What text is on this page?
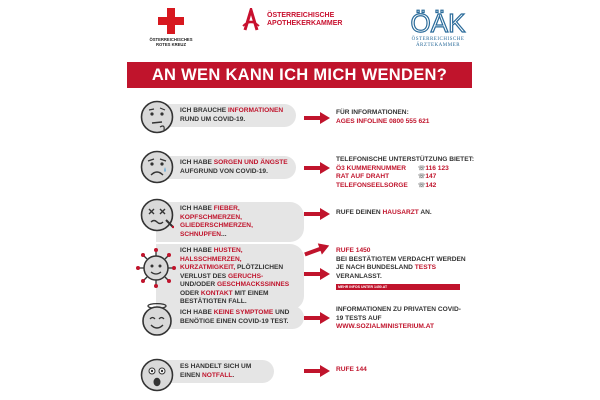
ÖSTERREICHISCHES
ROTES KREUZ

ÖSTERREICHISCHE
APOTHEKERKAMMER	ÖÄK
ÖSTERREICHISCHE
ÄRZTEKAMMER
AN WEN KANN ICH MICH WENDEN?
ICH BRAUCHE INFORMATIONEN RUND UM COVID-19.
FÜR INFORMATIONEN:
AGES INFOLINE 0800 555 621
ICH HABE SORGEN UND ÄNGSTE AUFGRUND VON COVID-19.
TELEFONISCHE UNTERSTÜTZUNG BIETET:
Ö3 KUMMERNUMMER	☏116 123
RAT AUF DRAHT	☏147
TELEFONSEELSORGE	☏142
ICH HABE FIEBER, KOPFSCHMERZEN, GLIEDERSCHMERZEN, SCHNUPFEN...
RUFE DEINEN HAUSARZT AN.
ICH HABE HUSTEN, HALSSCHMERZEN, KURZATMIGKEIT, PLÖTZLICHEN VERLUST DES GERUCHS- UND/ODER GESCHMACKSSINNES ODER KONTAKT MIT EINEM BESTÄTIGTEN FALL.
RUFE 1450
BEI BESTÄTIGTEM VERDACHT WERDEN JE NACH BUNDESLAND TESTS VERANLASST.
MEHR INFOS UNTER 1450.AT
ICH HABE KEINE SYMPTOME UND BENÖTIGE EINEN COVID-19 TEST.
INFORMATIONEN ZU PRIVATEN COVID-19 TESTS AUF
WWW.SOZIALMINISTERIUM.AT
ES HANDELT SICH UM EINEN NOTFALL.
RUFE 144
